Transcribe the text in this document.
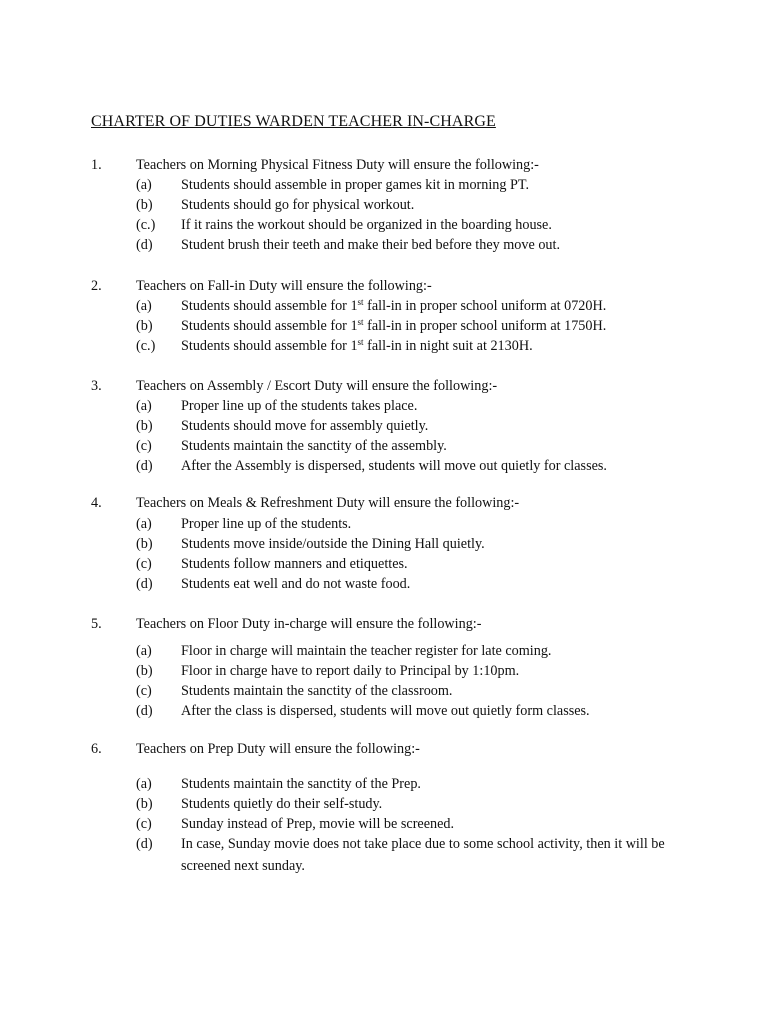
CHARTER OF DUTIES WARDEN TEACHER IN-CHARGE
1. Teachers on Morning Physical Fitness Duty will ensure the following:-
(a) Students should assemble in proper games kit in morning PT.
(b) Students should go for physical workout.
(c.) If it rains the workout should be organized in the boarding house.
(d) Student brush their teeth and make their bed before they move out.
2. Teachers on Fall-in Duty will ensure the following:-
(a) Students should assemble for 1st fall-in in proper school uniform at 0720H.
(b) Students should assemble for 1st fall-in in proper school uniform at 1750H.
(c.) Students should assemble for 1st fall-in in night suit at 2130H.
3. Teachers on Assembly / Escort Duty will ensure the following:-
(a) Proper line up of the students takes place.
(b) Students should move for assembly quietly.
(c) Students maintain the sanctity of the assembly.
(d) After the Assembly is dispersed, students will move out quietly for classes.
4. Teachers on Meals & Refreshment Duty will ensure the following:-
(a) Proper line up of the students.
(b) Students move inside/outside the Dining Hall quietly.
(c) Students follow manners and etiquettes.
(d) Students eat well and do not waste food.
5. Teachers on Floor Duty in-charge will ensure the following:-
(a) Floor in charge will maintain the teacher register for late coming.
(b) Floor in charge have to report daily to Principal by 1:10pm.
(c) Students maintain the sanctity of the classroom.
(d) After the class is dispersed, students will move out quietly form classes.
6. Teachers on Prep Duty will ensure the following:-
(a) Students maintain the sanctity of the Prep.
(b) Students quietly do their self-study.
(c) Sunday instead of Prep, movie will be screened.
(d) In case, Sunday movie does not take place due to some school activity, then it will be
screened next sunday.
